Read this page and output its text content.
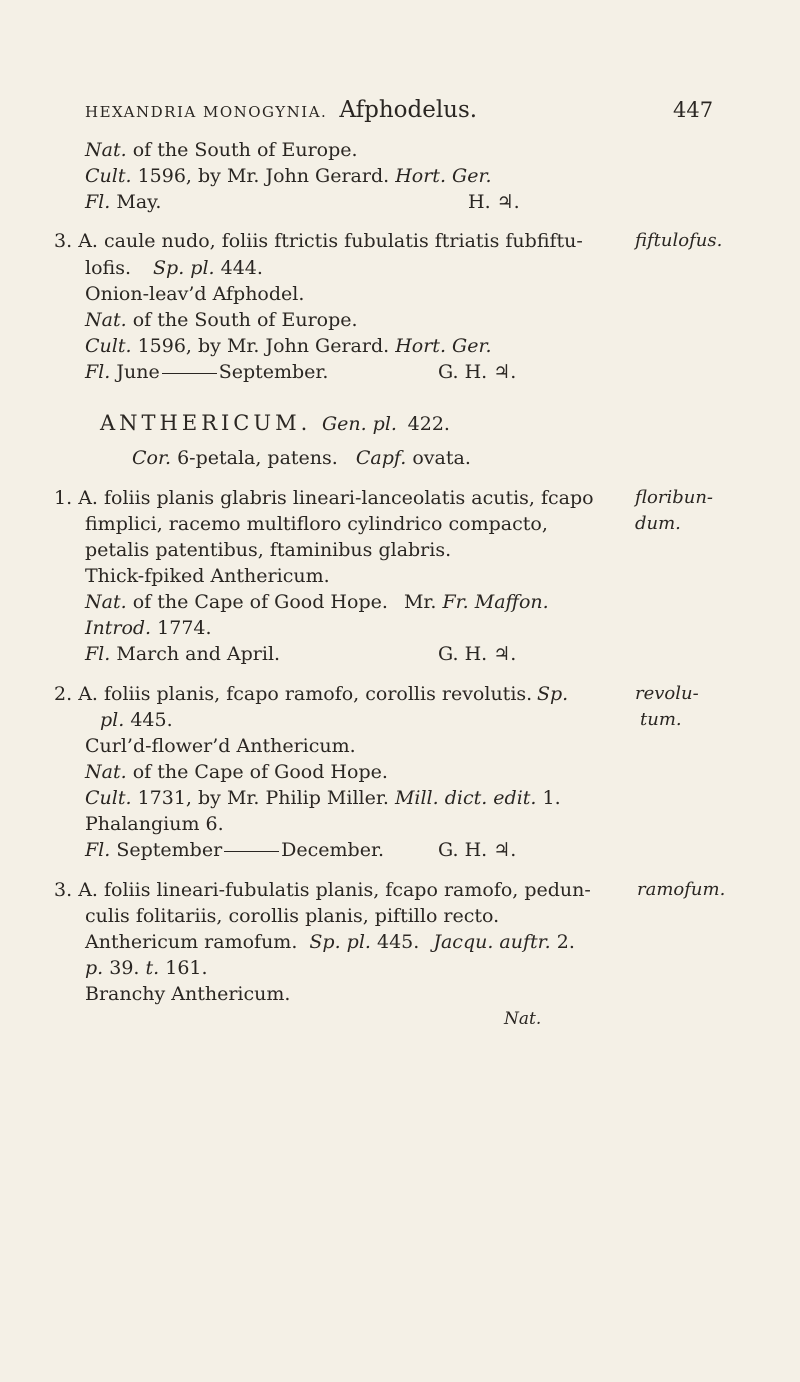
HEXANDRIA MONOGYNIA. Afphodelus.	447
Nat. of the South of Europe.
Cult. 1596, by Mr. John Gerard. Hort. Ger.
Fl. May.	H. ♃.
3. A. caule nudo, foliis ftrictis fubulatis ftriatis fubfiftu-	fiftulofus.
lofis. Sp. pl. 444.
Onion-leav’d Afphodel.
Nat. of the South of Europe.
Cult. 1596, by Mr. John Gerard. Hort. Ger.
Fl. June	September.	G. H. ♃.
ANTHERICUM. Gen. pl. 422.
Cor. 6-petala, patens. Capf. ovata.
1. A. foliis planis glabris lineari-lanceolatis acutis, fcapo floribun-
fimplici, racemo multifloro cylindrico compacto,	dum.
petalis patentibus, ftaminibus glabris.
Thick-fpiked Anthericum.
Nat. of the Cape of Good Hope. Mr. Fr. Maffon.
Introd. 1774.
Fl. March and April.	G. H. ♃.
2. A. foliis planis, fcapo ramofo, corollis revolutis. Sp.	revolu-
pl. 445.	tum.
Curl’d-flower’d Anthericum.
Nat. of the Cape of Good Hope.
Cult. 1731, by Mr. Philip Miller. Mill. dict. edit. 1.
Phalangium 6.
Fl. September	December.	G. H. ♃.
3. A. foliis lineari-fubulatis planis, fcapo ramofo, pedun-	ramofum.
culis folitariis, corollis planis, piftillo recto.
Anthericum ramofum. Sp. pl. 445. Jacqu. auftr. 2.
p. 39. t. 161.
Branchy Anthericum.
Nat.
